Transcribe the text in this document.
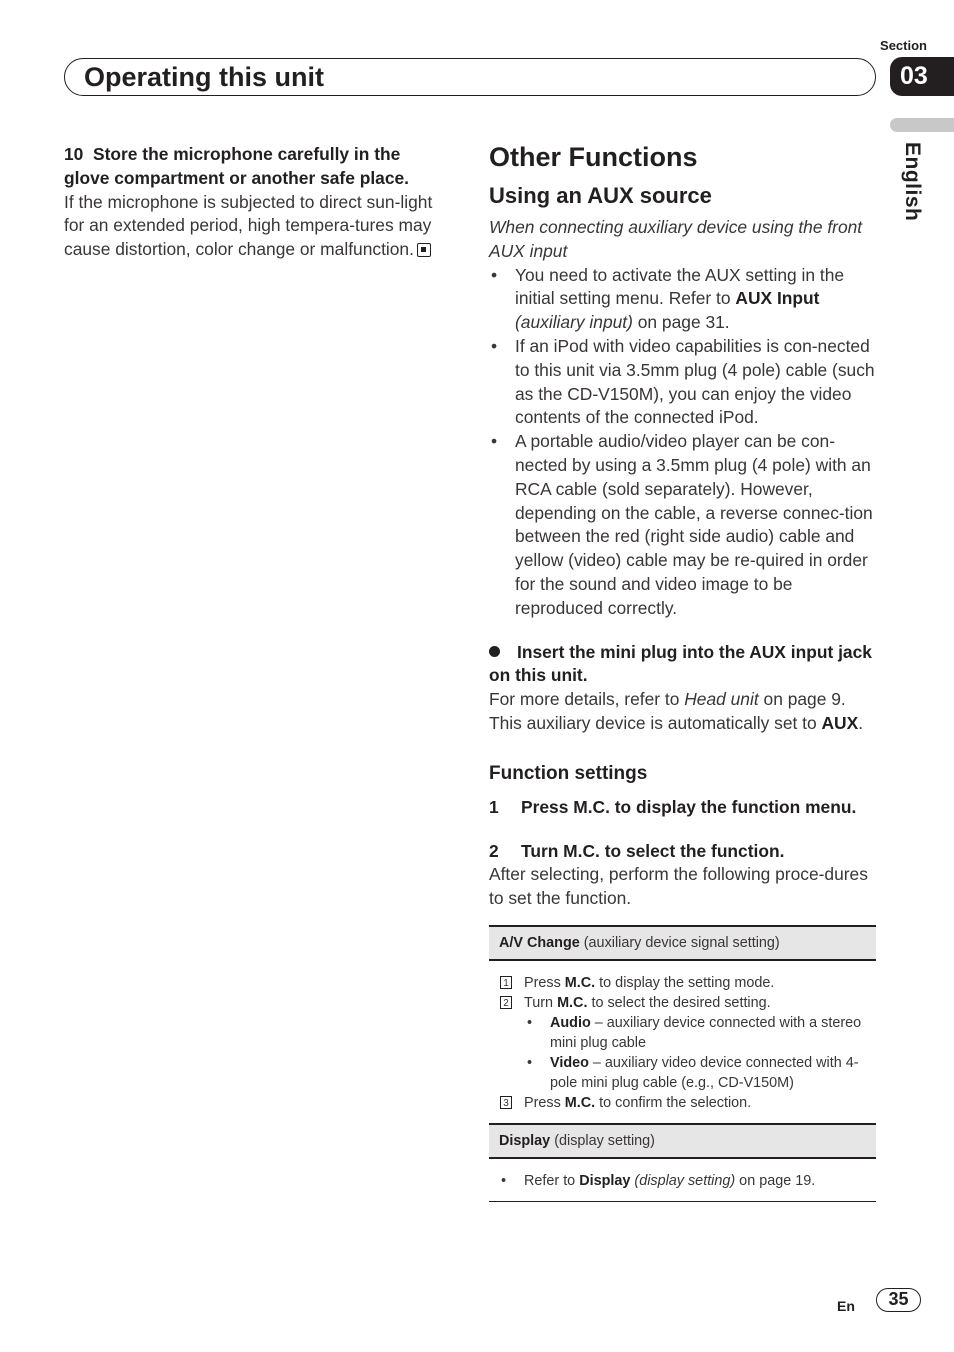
Section
03
Operating this unit
English
10 Store the microphone carefully in the glove compartment or another safe place.
If the microphone is subjected to direct sun-light for an extended period, high tempera-tures may cause distortion, color change or malfunction.
Other Functions
Using an AUX source
When connecting auxiliary device using the front AUX input
• You need to activate the AUX setting in the initial setting menu. Refer to AUX Input (auxiliary input) on page 31.
• If an iPod with video capabilities is con-nected to this unit via 3.5mm plug (4 pole) cable (such as the CD-V150M), you can enjoy the video contents of the connected iPod.
• A portable audio/video player can be con-nected by using a 3.5mm plug (4 pole) with an RCA cable (sold separately). However, depending on the cable, a reverse connec-tion between the red (right side audio) cable and yellow (video) cable may be re-quired in order for the sound and video image to be reproduced correctly.
Insert the mini plug into the AUX input jack on this unit.
For more details, refer to Head unit on page 9.
This auxiliary device is automatically set to AUX.
Function settings
1 Press M.C. to display the function menu.
2 Turn M.C. to select the function.
After selecting, perform the following proce-dures to set the function.
A/V Change (auxiliary device signal setting)
1 Press M.C. to display the setting mode.
2 Turn M.C. to select the desired setting.
• Audio – auxiliary device connected with a stereo mini plug cable
• Video – auxiliary video device connected with 4-pole mini plug cable (e.g., CD-V150M)
3 Press M.C. to confirm the selection.
Display (display setting)
• Refer to Display (display setting) on page 19.
En	35
